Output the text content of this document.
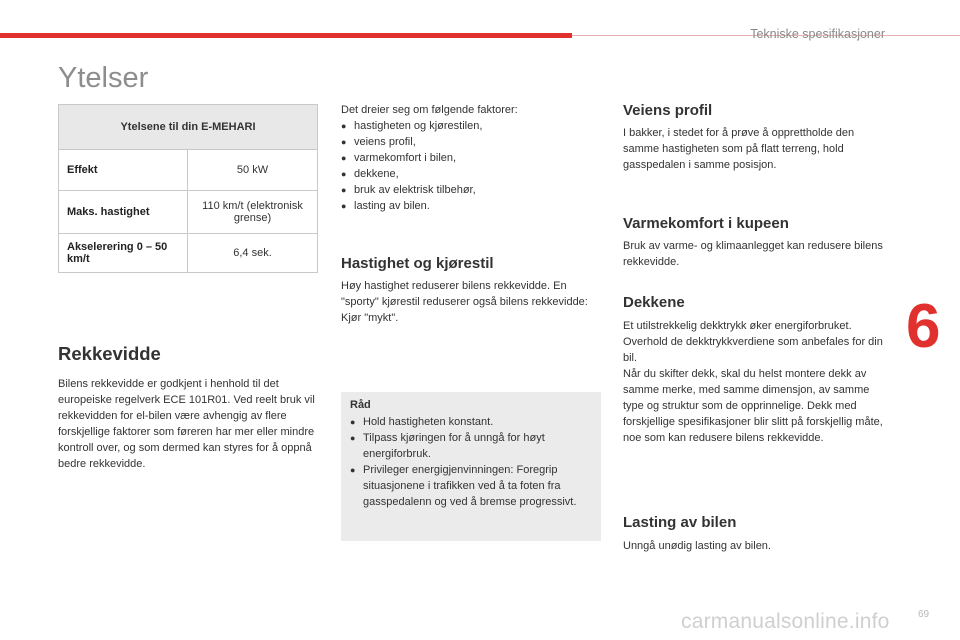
Tekniske spesifikasjoner
Ytelser
Ytelsene til din E-MEHARI	
Effekt	50 kW
Maks. hastighet	110 km/t (elektronisk grense)
Akselerering 0 – 50 km/t	6,4 sek.
Rekkevidde

Bilens rekkevidde er godkjent i henhold til det europeiske regelverk ECE 101R01. Ved reelt bruk vil rekkevidden for el-bilen være avhengig av flere forskjellige faktorer som føreren har mer eller mindre kontroll over, og som dermed kan styres for å oppnå bedre rekkevidde.

Det dreier seg om følgende faktorer:

● hastigheten og kjørestilen,
● veiens profil,
● varmekomfort i bilen,
● dekkene,
● bruk av elektrisk tilbehør,
● lasting av bilen.
Hastighet og kjørestil

Høy hastighet reduserer bilens rekkevidde. En "sporty" kjørestil reduserer også bilens rekkevidde: Kjør "mykt".

Råd
● Hold hastigheten konstant.
● Tilpass kjøringen for å unngå for høyt energiforbruk.
● Privileger energigjenvinningen: Foregrip situasjonene i trafikken ved å ta foten fra gasspedalenn og ved å bremse progressivt.
Veiens profil

I bakker, i stedet for å prøve å opprettholde den samme hastigheten som på flatt terreng, hold gasspedalen i samme posisjon.

Varmekomfort i kupeen

Bruk av varme- og klimaanlegget kan redusere bilens rekkevidde.

Dekkene

Et utilstrekkelig dekktrykk øker energiforbruket. Overhold de dekktrykkverdiene som anbefales for din bil.

Når du skifter dekk, skal du helst montere dekk av samme merke, med samme dimensjon, av samme type og struktur som de opprinnelige. Dekk med forskjellige spesifikasjoner blir slitt på forskjellig måte, noe som kan redusere bilens rekkevidde.

Lasting av bilen

Unngå unødig lasting av bilen.

6
carmanualsonline.info	69
